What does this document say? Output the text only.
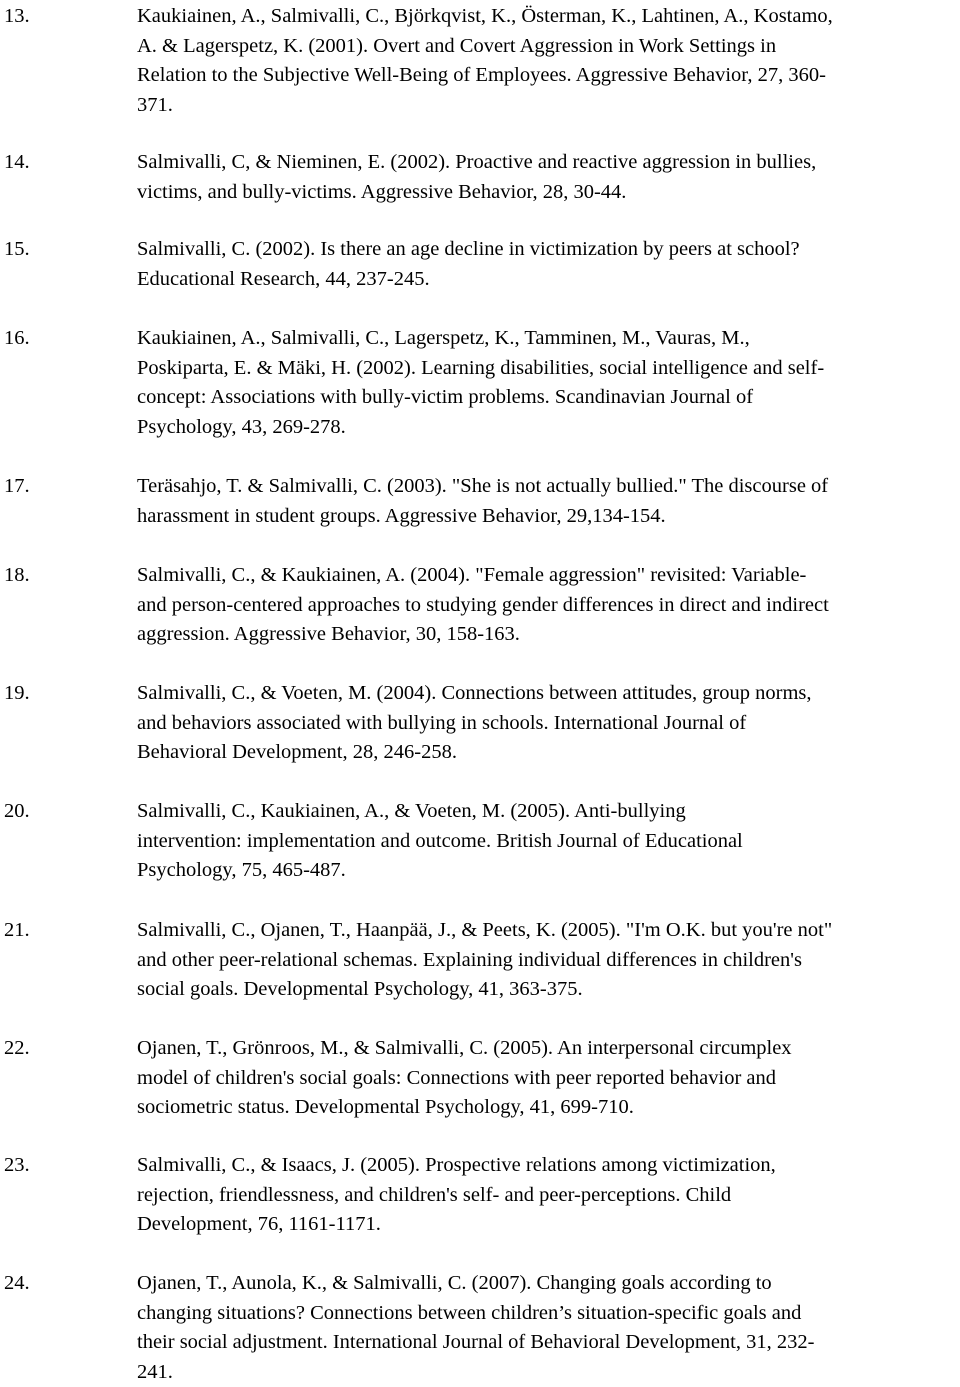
13.	Kaukiainen, A., Salmivalli, C., Björkqvist, K., Österman, K., Lahtinen, A., Kostamo,
A. & Lagerspetz, K. (2001). Overt and Covert Aggression in Work Settings in
Relation to the Subjective Well-Being of Employees. Aggressive Behavior, 27, 360-
371.
14.	Salmivalli, C, & Nieminen, E. (2002). Proactive and reactive aggression in bullies,
victims, and bully-victims. Aggressive Behavior, 28, 30-44.
15.	Salmivalli, C. (2002). Is there an age decline in victimization by peers at school?
Educational Research, 44, 237-245.
16.	Kaukiainen, A., Salmivalli, C., Lagerspetz, K., Tamminen, M., Vauras, M.,
Poskiparta, E. & Mäki, H. (2002). Learning disabilities, social intelligence and self-
concept: Associations with bully-victim problems. Scandinavian Journal of
Psychology, 43, 269-278.
17.	Teräsahjo, T. & Salmivalli, C. (2003). "She is not actually bullied." The discourse of
harassment in student groups. Aggressive Behavior, 29,134-154.
18.	Salmivalli, C., & Kaukiainen, A. (2004). "Female aggression" revisited: Variable-
and person-centered approaches to studying gender differences in direct and indirect
aggression. Aggressive Behavior, 30, 158-163.
19.	Salmivalli, C., & Voeten, M. (2004). Connections between attitudes, group norms,
and behaviors associated with bullying in schools. International Journal of
Behavioral Development, 28, 246-258.
20.	Salmivalli, C., Kaukiainen, A., & Voeten, M. (2005). Anti-bullying
intervention: implementation and outcome. British Journal of Educational
Psychology, 75, 465-487.
21.	Salmivalli, C., Ojanen, T., Haanpää, J., & Peets, K. (2005). "I'm O.K. but you're not"
and other peer-relational schemas. Explaining individual differences in children's
social goals. Developmental Psychology, 41, 363-375.
22.	Ojanen, T., Grönroos, M., & Salmivalli, C. (2005). An interpersonal circumplex
model of children's social goals: Connections with peer reported behavior and
sociometric status. Developmental Psychology, 41, 699-710.
23.	Salmivalli, C., & Isaacs, J. (2005). Prospective relations among victimization,
rejection, friendlessness, and children's self- and peer-perceptions. Child
Development, 76, 1161-1171.
24.	Ojanen, T., Aunola, K., & Salmivalli, C. (2007). Changing goals according to
changing situations? Connections between children’s situation-specific goals and
their social adjustment. International Journal of Behavioral Development, 31, 232-
241.
